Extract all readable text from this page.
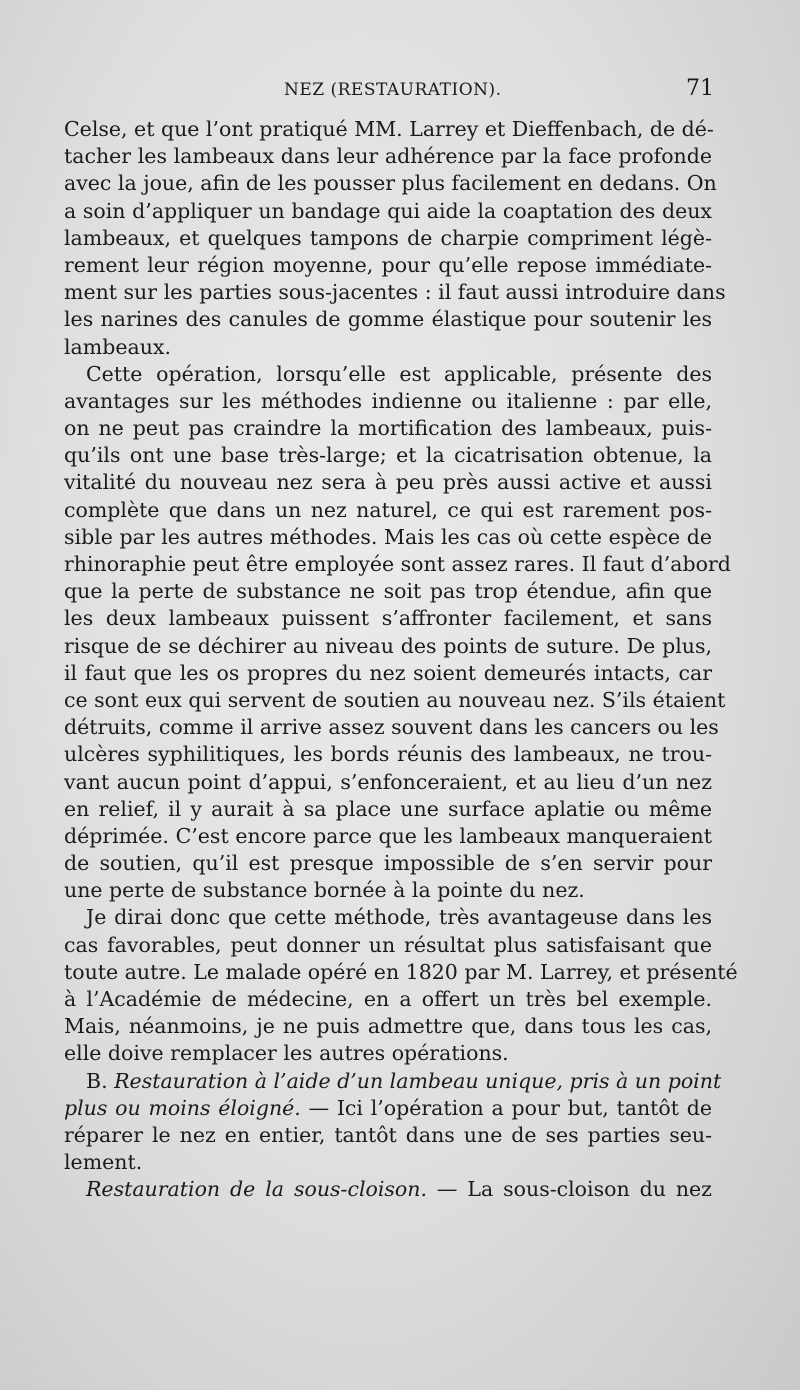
NEZ (RESTAURATION).	71
Celse, et que l’ont pratiqué MM. Larrey et Dieffenbach, de dé-
tacher les lambeaux dans leur adhérence par la face profonde
avec la joue, afin de les pousser plus facilement en dedans. On
a soin d’appliquer un bandage qui aide la coaptation des deux
lambeaux, et quelques tampons de charpie compriment légè-
rement leur région moyenne, pour qu’elle repose immédiate-
ment sur les parties sous-jacentes : il faut aussi introduire dans
les narines des canules de gomme élastique pour soutenir les
lambeaux.
Cette opération, lorsqu’elle est applicable, présente des
avantages sur les méthodes indienne ou italienne : par elle,
on ne peut pas craindre la mortification des lambeaux, puis-
qu’ils ont une base très-large; et la cicatrisation obtenue, la
vitalité du nouveau nez sera à peu près aussi active et aussi
complète que dans un nez naturel, ce qui est rarement pos-
sible par les autres méthodes. Mais les cas où cette espèce de
rhinoraphie peut être employée sont assez rares. Il faut d’abord
que la perte de substance ne soit pas trop étendue, afin que
les deux lambeaux puissent s’affronter facilement, et sans
risque de se déchirer au niveau des points de suture. De plus,
il faut que les os propres du nez soient demeurés intacts, car
ce sont eux qui servent de soutien au nouveau nez. S’ils étaient
détruits, comme il arrive assez souvent dans les cancers ou les
ulcères syphilitiques, les bords réunis des lambeaux, ne trou-
vant aucun point d’appui, s’enfonceraient, et au lieu d’un nez
en relief, il y aurait à sa place une surface aplatie ou même
déprimée. C’est encore parce que les lambeaux manqueraient
de soutien, qu’il est presque impossible de s’en servir pour
une perte de substance bornée à la pointe du nez.
Je dirai donc que cette méthode, très avantageuse dans les
cas favorables, peut donner un résultat plus satisfaisant que
toute autre. Le malade opéré en 1820 par M. Larrey, et présenté
à l’Académie de médecine, en a offert un très bel exemple.
Mais, néanmoins, je ne puis admettre que, dans tous les cas,
elle doive remplacer les autres opérations.
B. Restauration à l’aide d’un lambeau unique, pris à un point
plus ou moins éloigné. — Ici l’opération a pour but, tantôt de
réparer le nez en entier, tantôt dans une de ses parties seu-
lement.
Restauration de la sous-cloison. — La sous-cloison du nez
